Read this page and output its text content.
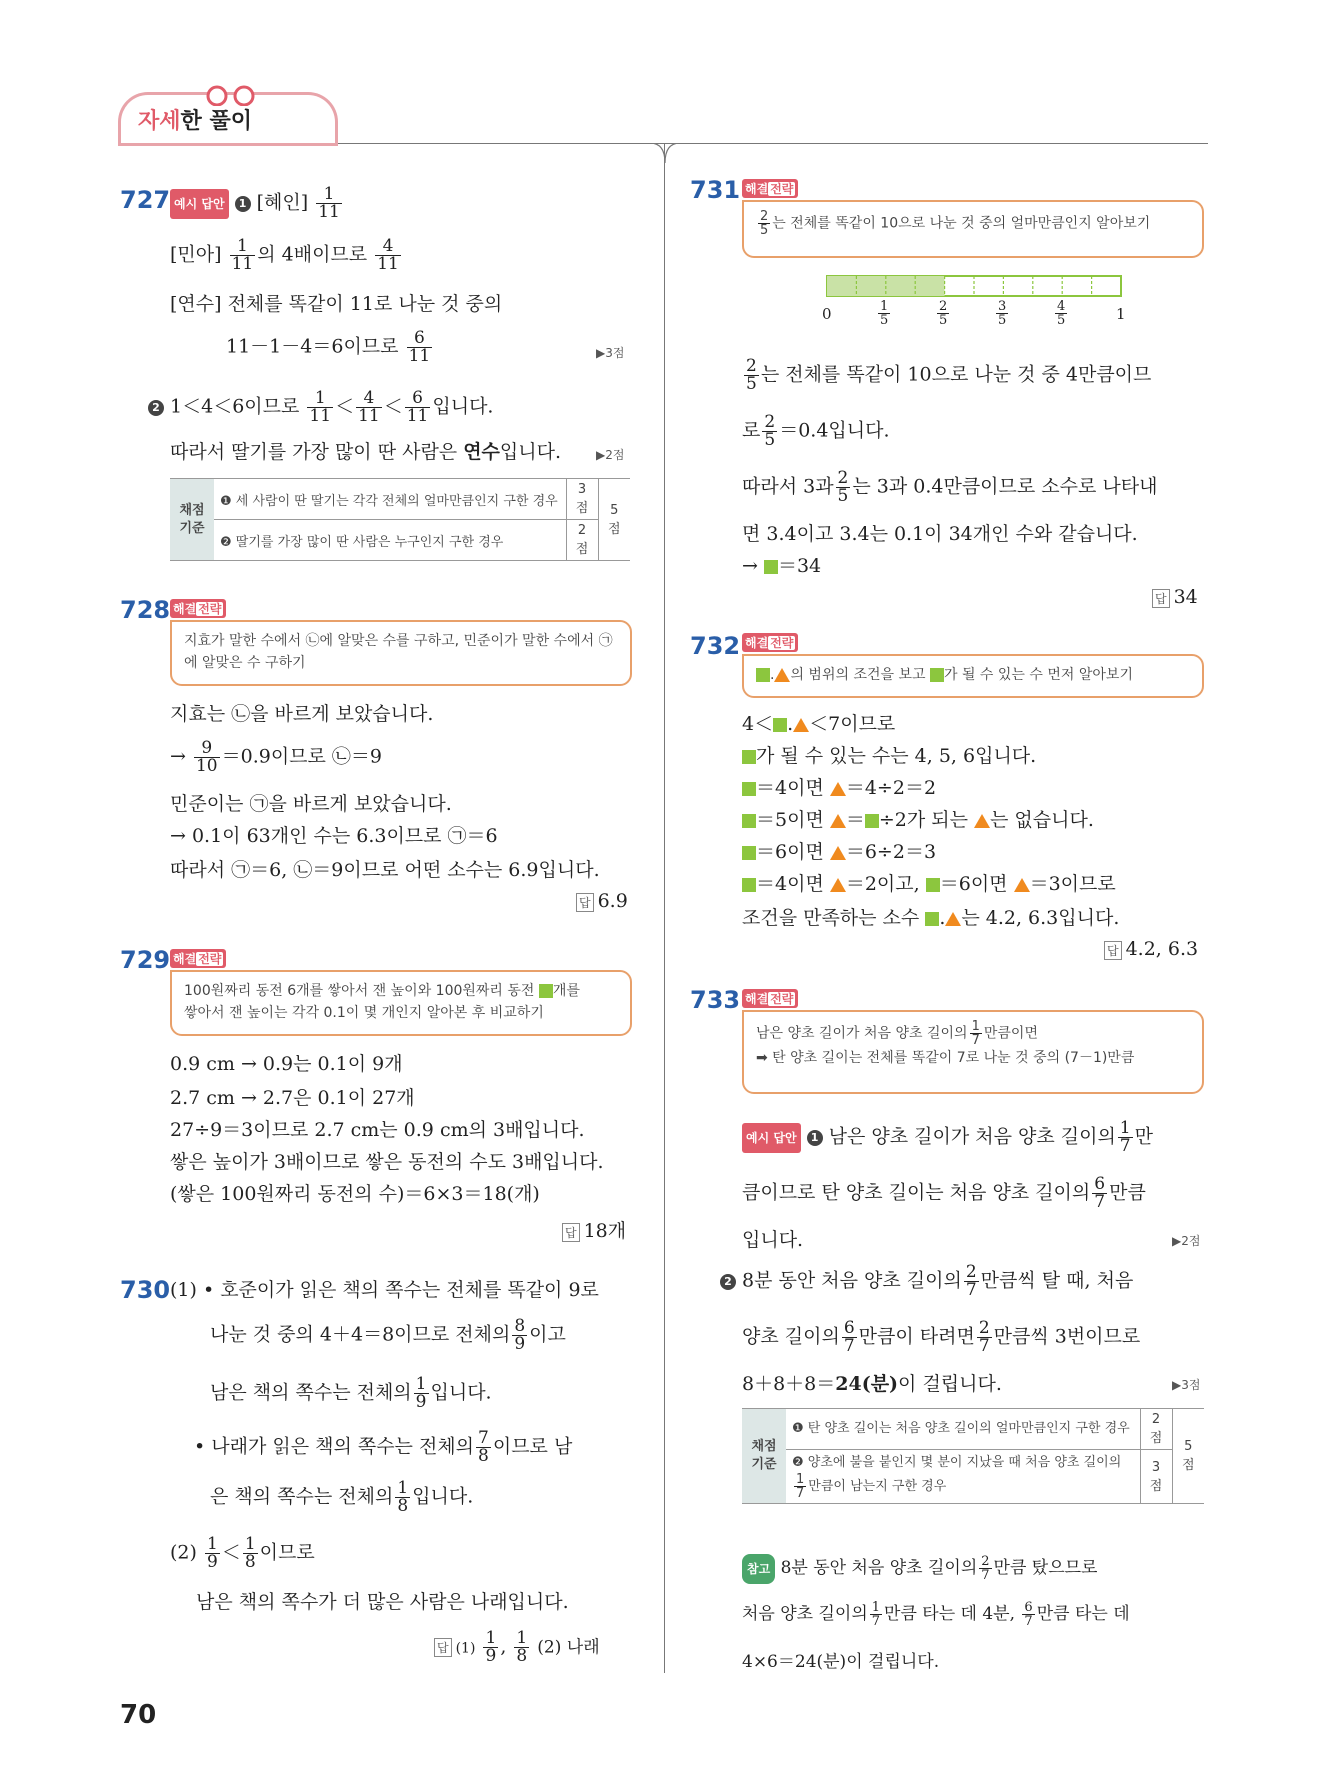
자세한 풀이
727 예시 답안 1 [혜인] $\frac{1}{11}$
[민아] $\frac{1}{11}$ 의 4배이므로 $\frac{4}{11}$
[연수] 전체를 똑같이 11로 나눈 것 중의
11－1－4＝6이므로 $\frac{6}{11}$	▶3점
2 1＜4＜6이므로 $\frac{1}{11} < \frac{4}{11} < \frac{6}{11}$ 입니다.
따라서 딸기를 가장 많이 딴 사람은 연수입니다.	▶2점
채점 기준	❶ 세 사람이 딴 딸기는 각각 전체의 얼마만큼인지 구한 경우	3점	5점
	❷ 딸기를 가장 많이 딴 사람은 누구인지 구한 경우	2점	
728 해결 전략
지효가 말한 수에서 ㉡에 알맞은 수를 구하고, 민준이가 말한 수에서 ㉠에 알맞은 수 구하기
지효는 ㉡을 바르게 보았습니다.
→ $\frac{9}{10} =0.9$이므로 ㉡＝9
민준이는 ㉠을 바르게 보았습니다.
→ 0.1이 63개인 수는 6.3이므로 ㉠＝6
따라서 ㉠＝6, ㉡＝9이므로 어떤 소수는 6.9입니다.
답 6.9
729 해결 전략
100원짜리 동전 6개를 쌓아서 잰 높이와 100원짜리 동전 개를
쌓아서 잰 높이는 각각 0.1이 몇 개인지 알아본 후 비교하기
0.9 cm → 0.9는 0.1이 9개
2.7 cm → 2.7은 0.1이 27개
27÷9＝3이므로 2.7 cm는 0.9 cm의 3배입니다.
쌓은 높이가 3배이므로 쌓은 동전의 수도 3배입니다.
(쌓은 100원짜리 동전의 수)＝6×3＝18(개)
답 18개
730 (1) • 호준이가 읽은 책의 쪽수는 전체를 똑같이 9로
나눈 것 중의 4＋4＝8이므로 전체의 $\frac{8}{9}$ 이고
남은 책의 쪽수는 전체의 $\frac{1}{9}$ 입니다.
• 나래가 읽은 책의 쪽수는 전체의 $\frac{7}{8}$ 이므로 남
은 책의 쪽수는 전체의 $\frac{1}{8}$ 입니다.
$(2) \frac{1}{9} < \frac{1}{8}$ 이므로
남은 책의 쪽수가 더 많은 사람은 나래입니다.
답 $(1) \frac{1}{9}$ , $\frac{1}{8} (2)$ 나래
731 해결 전략
$\frac{2}{5}$ 는 전체를 똑같이 10으로 나눈 것 중의 얼마만큼인지 알아보기
0	$\frac{1}{5}$	$\frac{2}{5}$	$\frac{3}{5}$	$\frac{4}{5}$	1
$\frac{2}{5}$ 는 전체를 똑같이 10으로 나눈 것 중 4만큼이므
로 $\frac{2}{5} =0.4$입니다.
따라서 3과 $\frac{2}{5}$ 는 3과 0.4만큼이므로 소수로 나타내
면 3.4이고 3.4는 0.1이 34개인 수와 같습니다.
→ ＝34
답 34
732 해결 전략
. 의 범위의 조건을 보고 가 될 수 있는 수 먼저 알아보기
4＜ . ＜7이므로
가 될 수 있는 수는 4, 5, 6입니다.
＝4이면 ＝4÷2＝2
＝5이면 ＝ ÷2가 되는 는 없습니다.
＝6이면 ＝6÷2＝3
＝4이면 ＝2이고, ＝6이면 ＝3이므로
조건을 만족하는 소수 . 는 4.2, 6.3입니다.
답 4.2, 6.3
733 해결 전략
남은 양초 길이가 처음 양초 길이의 $\frac{1}{7}$ 만큼이면
➡ 탄 양초 길이는 전체를 똑같이 7로 나눈 것 중의 (7－1)만큼
예시 답안 1 남은 양초 길이가 처음 양초 길이의 $\frac{1}{7}$ 만
큼이므로 탄 양초 길이는 처음 양초 길이의 $\frac{6}{7}$ 만큼
입니다.	▶2점
2 8분 동안 처음 양초 길이의 $\frac{2}{7}$ 만큼씩 탈 때, 처음
양초 길이의 $\frac{6}{7}$ 만큼이 타려면 $\frac{2}{7}$ 만큼씩 3번이므로
8＋8＋8＝24(분)이 걸립니다.	▶3점
채점 기준	❶ 탄 양초 길이는 처음 양초 길이의 얼마만큼인지 구한 경우	2점	5점
	❷ 양초에 불을 붙인지 몇 분이 지났을 때 처음 양초 길이의
$\frac{1}{7}$ 만큼이 남는지 구한 경우	3점	
참고 8분 동안 처음 양초 길이의 $\frac{2}{7}$ 만큼 탔으므로
처음 양초 길이의 $\frac{1}{7}$ 만큼 타는 데 4분, $\frac{6}{7}$ 만큼 타는 데
4×6＝24(분)이 걸립니다.
70
